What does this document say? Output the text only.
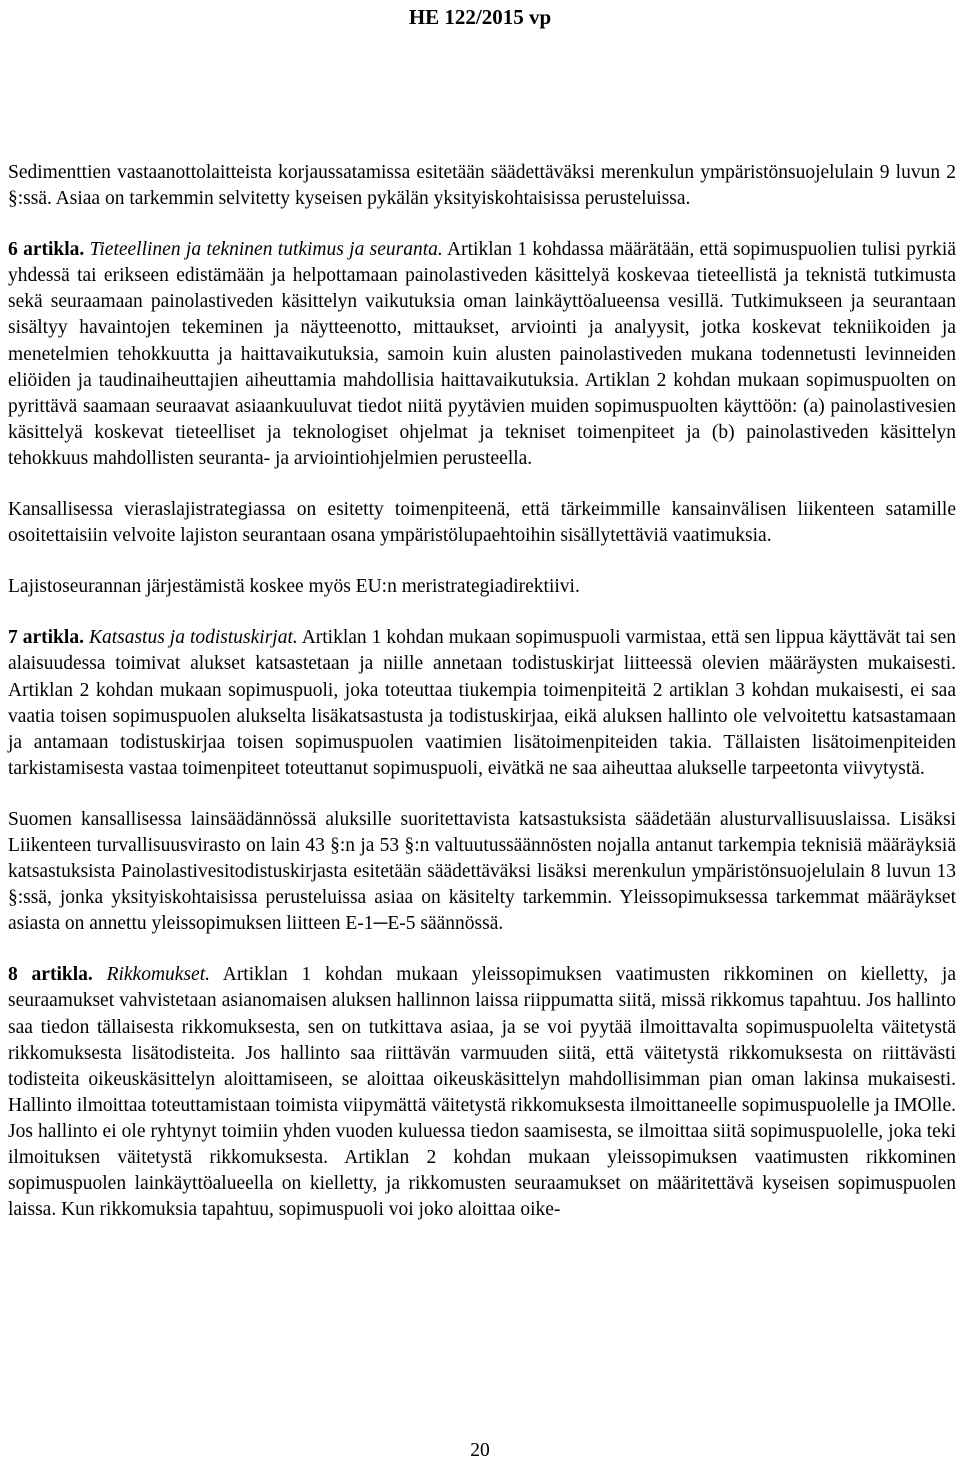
HE 122/2015 vp

Sedimenttien vastaanottolaitteista korjaussatamissa esitetään säädettäväksi merenkulun ympäristönsuojelulain 9 luvun 2 §:ssä. Asiaa on tarkemmin selvitetty kyseisen pykälän yksityiskohtaisissa perusteluissa.

6 artikla. Tieteellinen ja tekninen tutkimus ja seuranta. Artiklan 1 kohdassa määrätään, että sopimuspuolien tulisi pyrkiä yhdessä tai erikseen edistämään ja helpottamaan painolastiveden käsittelyä koskevaa tieteellistä ja teknistä tutkimusta sekä seuraamaan painolastiveden käsittelyn vaikutuksia oman lainkäyttöalueensa vesillä. Tutkimukseen ja seurantaan sisältyy havaintojen tekeminen ja näytteenotto, mittaukset, arviointi ja analyysit, jotka koskevat tekniikoiden ja menetelmien tehokkuutta ja haittavaikutuksia, samoin kuin alusten painolastiveden mukana todennetusti levinneiden eliöiden ja taudinaiheuttajien aiheuttamia mahdollisia haittavaikutuksia. Artiklan 2 kohdan mukaan sopimuspuolten on pyrittävä saamaan seuraavat asiaankuuluvat tiedot niitä pyytävien muiden sopimuspuolten käyttöön: (a) painolastivesien käsittelyä koskevat tieteelliset ja teknologiset ohjelmat ja tekniset toimenpiteet ja (b) painolastiveden käsittelyn tehokkuus mahdollisten seuranta- ja arviointiohjelmien perusteella.

Kansallisessa vieraslajistrategiassa on esitetty toimenpiteenä, että tärkeimmille kansainvälisen liikenteen satamille osoitettaisiin velvoite lajiston seurantaan osana ympäristölupaehtoihin sisällytettäviä vaatimuksia.

Lajistoseurannan järjestämistä koskee myös EU:n meristrategiadirektiivi.

7 artikla. Katsastus ja todistuskirjat. Artiklan 1 kohdan mukaan sopimuspuoli varmistaa, että sen lippua käyttävät tai sen alaisuudessa toimivat alukset katsastetaan ja niille annetaan todistuskirjat liitteessä olevien määräysten mukaisesti. Artiklan 2 kohdan mukaan sopimuspuoli, joka toteuttaa tiukempia toimenpiteitä 2 artiklan 3 kohdan mukaisesti, ei saa vaatia toisen sopimuspuolen alukselta lisäkatsastusta ja todistuskirjaa, eikä aluksen hallinto ole velvoitettu katsastamaan ja antamaan todistuskirjaa toisen sopimuspuolen vaatimien lisätoimenpiteiden takia. Tällaisten lisätoimenpiteiden tarkistamisesta vastaa toimenpiteet toteuttanut sopimuspuoli, eivätkä ne saa aiheuttaa alukselle tarpeetonta viivytystä.

Suomen kansallisessa lainsäädännössä aluksille suoritettavista katsastuksista säädetään alusturvallisuuslaissa. Lisäksi Liikenteen turvallisuusvirasto on lain 43 §:n ja 53 §:n valtuutussäännösten nojalla antanut tarkempia teknisiä määräyksiä katsastuksista Painolastivesitodistuskirjasta esitetään säädettäväksi lisäksi merenkulun ympäristönsuojelulain 8 luvun 13 §:ssä, jonka yksityiskohtaisissa perusteluissa asiaa on käsitelty tarkemmin. Yleissopimuksessa tarkemmat määräykset asiasta on annettu yleissopimuksen liitteen E-1─E-5 säännössä.

8 artikla. Rikkomukset. Artiklan 1 kohdan mukaan yleissopimuksen vaatimusten rikkominen on kielletty, ja seuraamukset vahvistetaan asianomaisen aluksen hallinnon laissa riippumatta siitä, missä rikkomus tapahtuu. Jos hallinto saa tiedon tällaisesta rikkomuksesta, sen on tutkittava asiaa, ja se voi pyytää ilmoittavalta sopimuspuolelta väitetystä rikkomuksesta lisätodisteita. Jos hallinto saa riittävän varmuuden siitä, että väitetystä rikkomuksesta on riittävästi todisteita oikeuskäsittelyn aloittamiseen, se aloittaa oikeuskäsittelyn mahdollisimman pian oman lakinsa mukaisesti. Hallinto ilmoittaa toteuttamistaan toimista viipymättä väitetystä rikkomuksesta ilmoittaneelle sopimuspuolelle ja IMOlle. Jos hallinto ei ole ryhtynyt toimiin yhden vuoden kuluessa tiedon saamisesta, se ilmoittaa siitä sopimuspuolelle, joka teki ilmoituksen väitetystä rikkomuksesta. Artiklan 2 kohdan mukaan yleissopimuksen vaatimusten rikkominen sopimuspuolen lainkäyttöalueella on kielletty, ja rikkomusten seuraamukset on määritettävä kyseisen sopimuspuolen laissa. Kun rikkomuksia tapahtuu, sopimuspuoli voi joko aloittaa oike-

20
